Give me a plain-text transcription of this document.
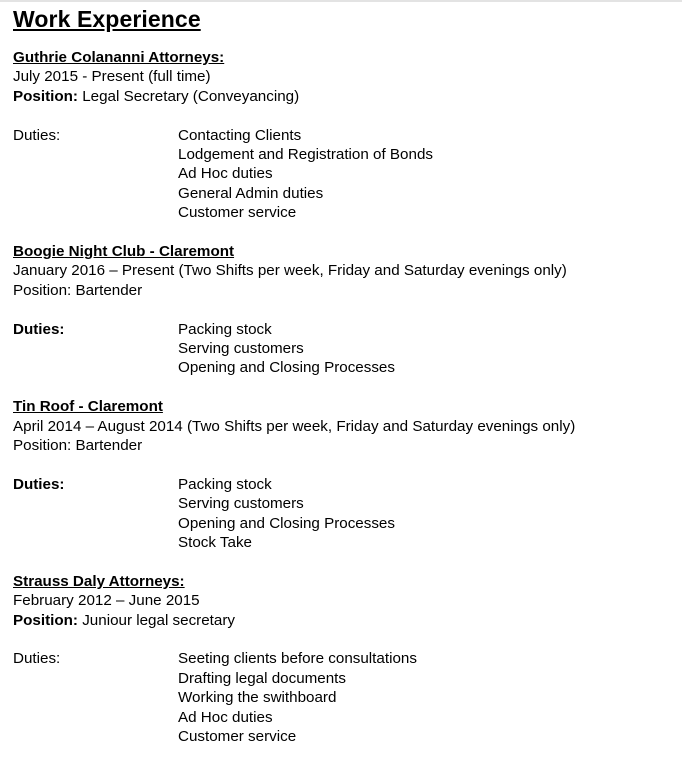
Work Experience
Guthrie Colananni Attorneys:
July 2015 - Present (full time)
Position: Legal Secretary (Conveyancing)
Duties:	Contacting Clients
Lodgement and Registration of Bonds
Ad Hoc duties
General Admin duties
Customer service
Boogie Night Club - Claremont
January 2016 – Present (Two Shifts per week, Friday and Saturday evenings only)
Position: Bartender
Duties:	Packing stock
Serving customers
Opening and Closing Processes
Tin Roof - Claremont
April 2014 – August 2014 (Two Shifts per week, Friday and Saturday evenings only)
Position: Bartender
Duties:	Packing stock
Serving customers
Opening and Closing Processes
Stock Take
Strauss Daly Attorneys:
February 2012 – June 2015
Position: Juniour legal secretary
Duties:	Seeting clients before consultations
Drafting legal documents
Working the swithboard
Ad Hoc duties
Customer service
